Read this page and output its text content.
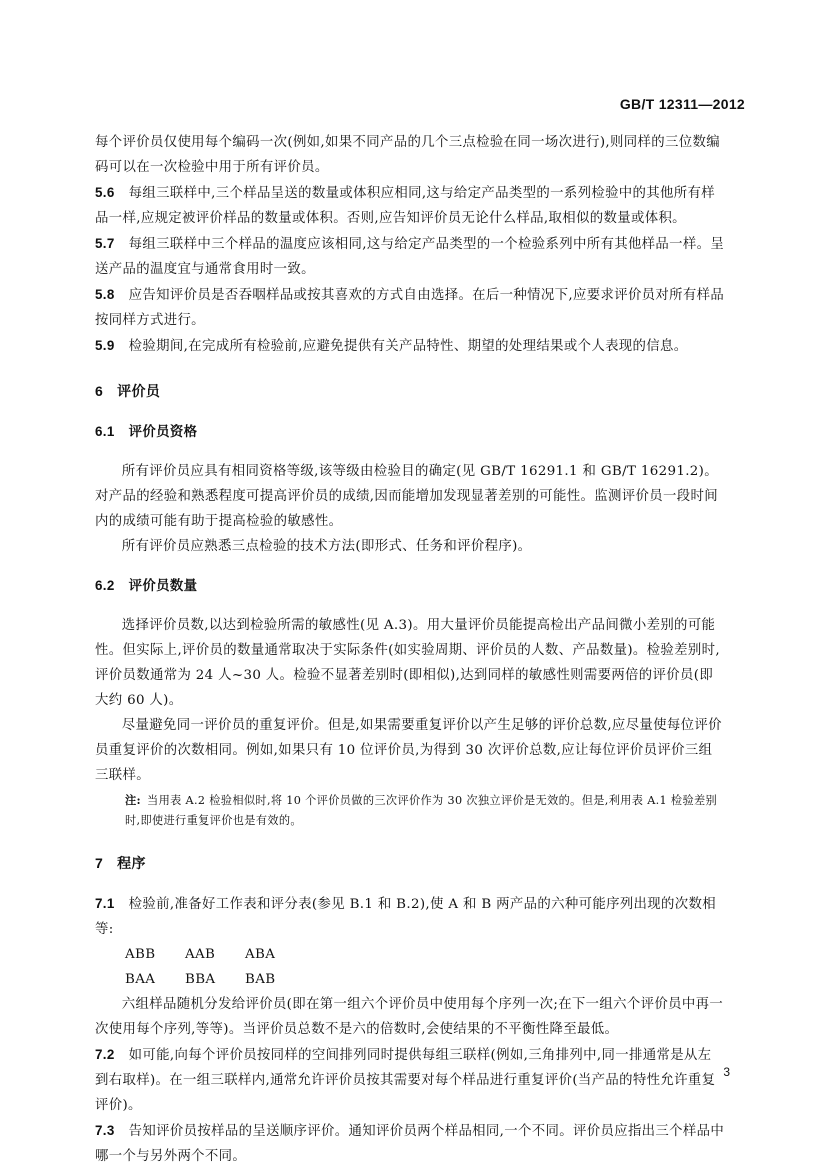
GB/T 12311—2012

每个评价员仅使用每个编码一次(例如,如果不同产品的几个三点检验在同一场次进行),则同样的三位数编码可以在一次检验中用于所有评价员。

5.6 每组三联样中,三个样品呈送的数量或体积应相同,这与给定产品类型的一系列检验中的其他所有样品一样,应规定被评价样品的数量或体积。否则,应告知评价员无论什么样品,取相似的数量或体积。

5.7 每组三联样中三个样品的温度应该相同,这与给定产品类型的一个检验系列中所有其他样品一样。呈送产品的温度宜与通常食用时一致。

5.8 应告知评价员是否吞咽样品或按其喜欢的方式自由选择。在后一种情况下,应要求评价员对所有样品按同样方式进行。

5.9 检验期间,在完成所有检验前,应避免提供有关产品特性、期望的处理结果或个人表现的信息。

6 评价员

6.1 评价员资格

所有评价员应具有相同资格等级,该等级由检验目的确定(见 GB/T 16291.1 和 GB/T 16291.2)。对产品的经验和熟悉程度可提高评价员的成绩,因而能增加发现显著差别的可能性。监测评价员一段时间内的成绩可能有助于提高检验的敏感性。

所有评价员应熟悉三点检验的技术方法(即形式、任务和评价程序)。

6.2 评价员数量

选择评价员数,以达到检验所需的敏感性(见 A.3)。用大量评价员能提高检出产品间微小差别的可能性。但实际上,评价员的数量通常取决于实际条件(如实验周期、评价员的人数、产品数量)。检验差别时,评价员数通常为 24 人~30 人。检验不显著差别时(即相似),达到同样的敏感性则需要两倍的评价员(即大约 60 人)。

尽量避免同一评价员的重复评价。但是,如果需要重复评价以产生足够的评价总数,应尽量使每位评价员重复评价的次数相同。例如,如果只有 10 位评价员,为得到 30 次评价总数,应让每位评价员评价三组三联样。

注: 当用表 A.2 检验相似时,将 10 个评价员做的三次评价作为 30 次独立评价是无效的。但是,利用表 A.1 检验差别时,即使进行重复评价也是有效的。

7 程序

7.1 检验前,准备好工作表和评分表(参见 B.1 和 B.2),使 A 和 B 两产品的六种可能序列出现的次数相等:

ABB AAB ABA
BAA BBA BAB

六组样品随机分发给评价员(即在第一组六个评价员中使用每个序列一次;在下一组六个评价员中再一次使用每个序列,等等)。当评价员总数不是六的倍数时,会使结果的不平衡性降至最低。

7.2 如可能,向每个评价员按同样的空间排列同时提供每组三联样(例如,三角排列中,同一排通常是从左到右取样)。在一组三联样内,通常允许评价员按其需要对每个样品进行重复评价(当产品的特性允许重复评价)。

7.3 告知评价员按样品的呈送顺序评价。通知评价员两个样品相同,一个不同。评价员应指出三个样品中哪一个与另外两个不同。

3
